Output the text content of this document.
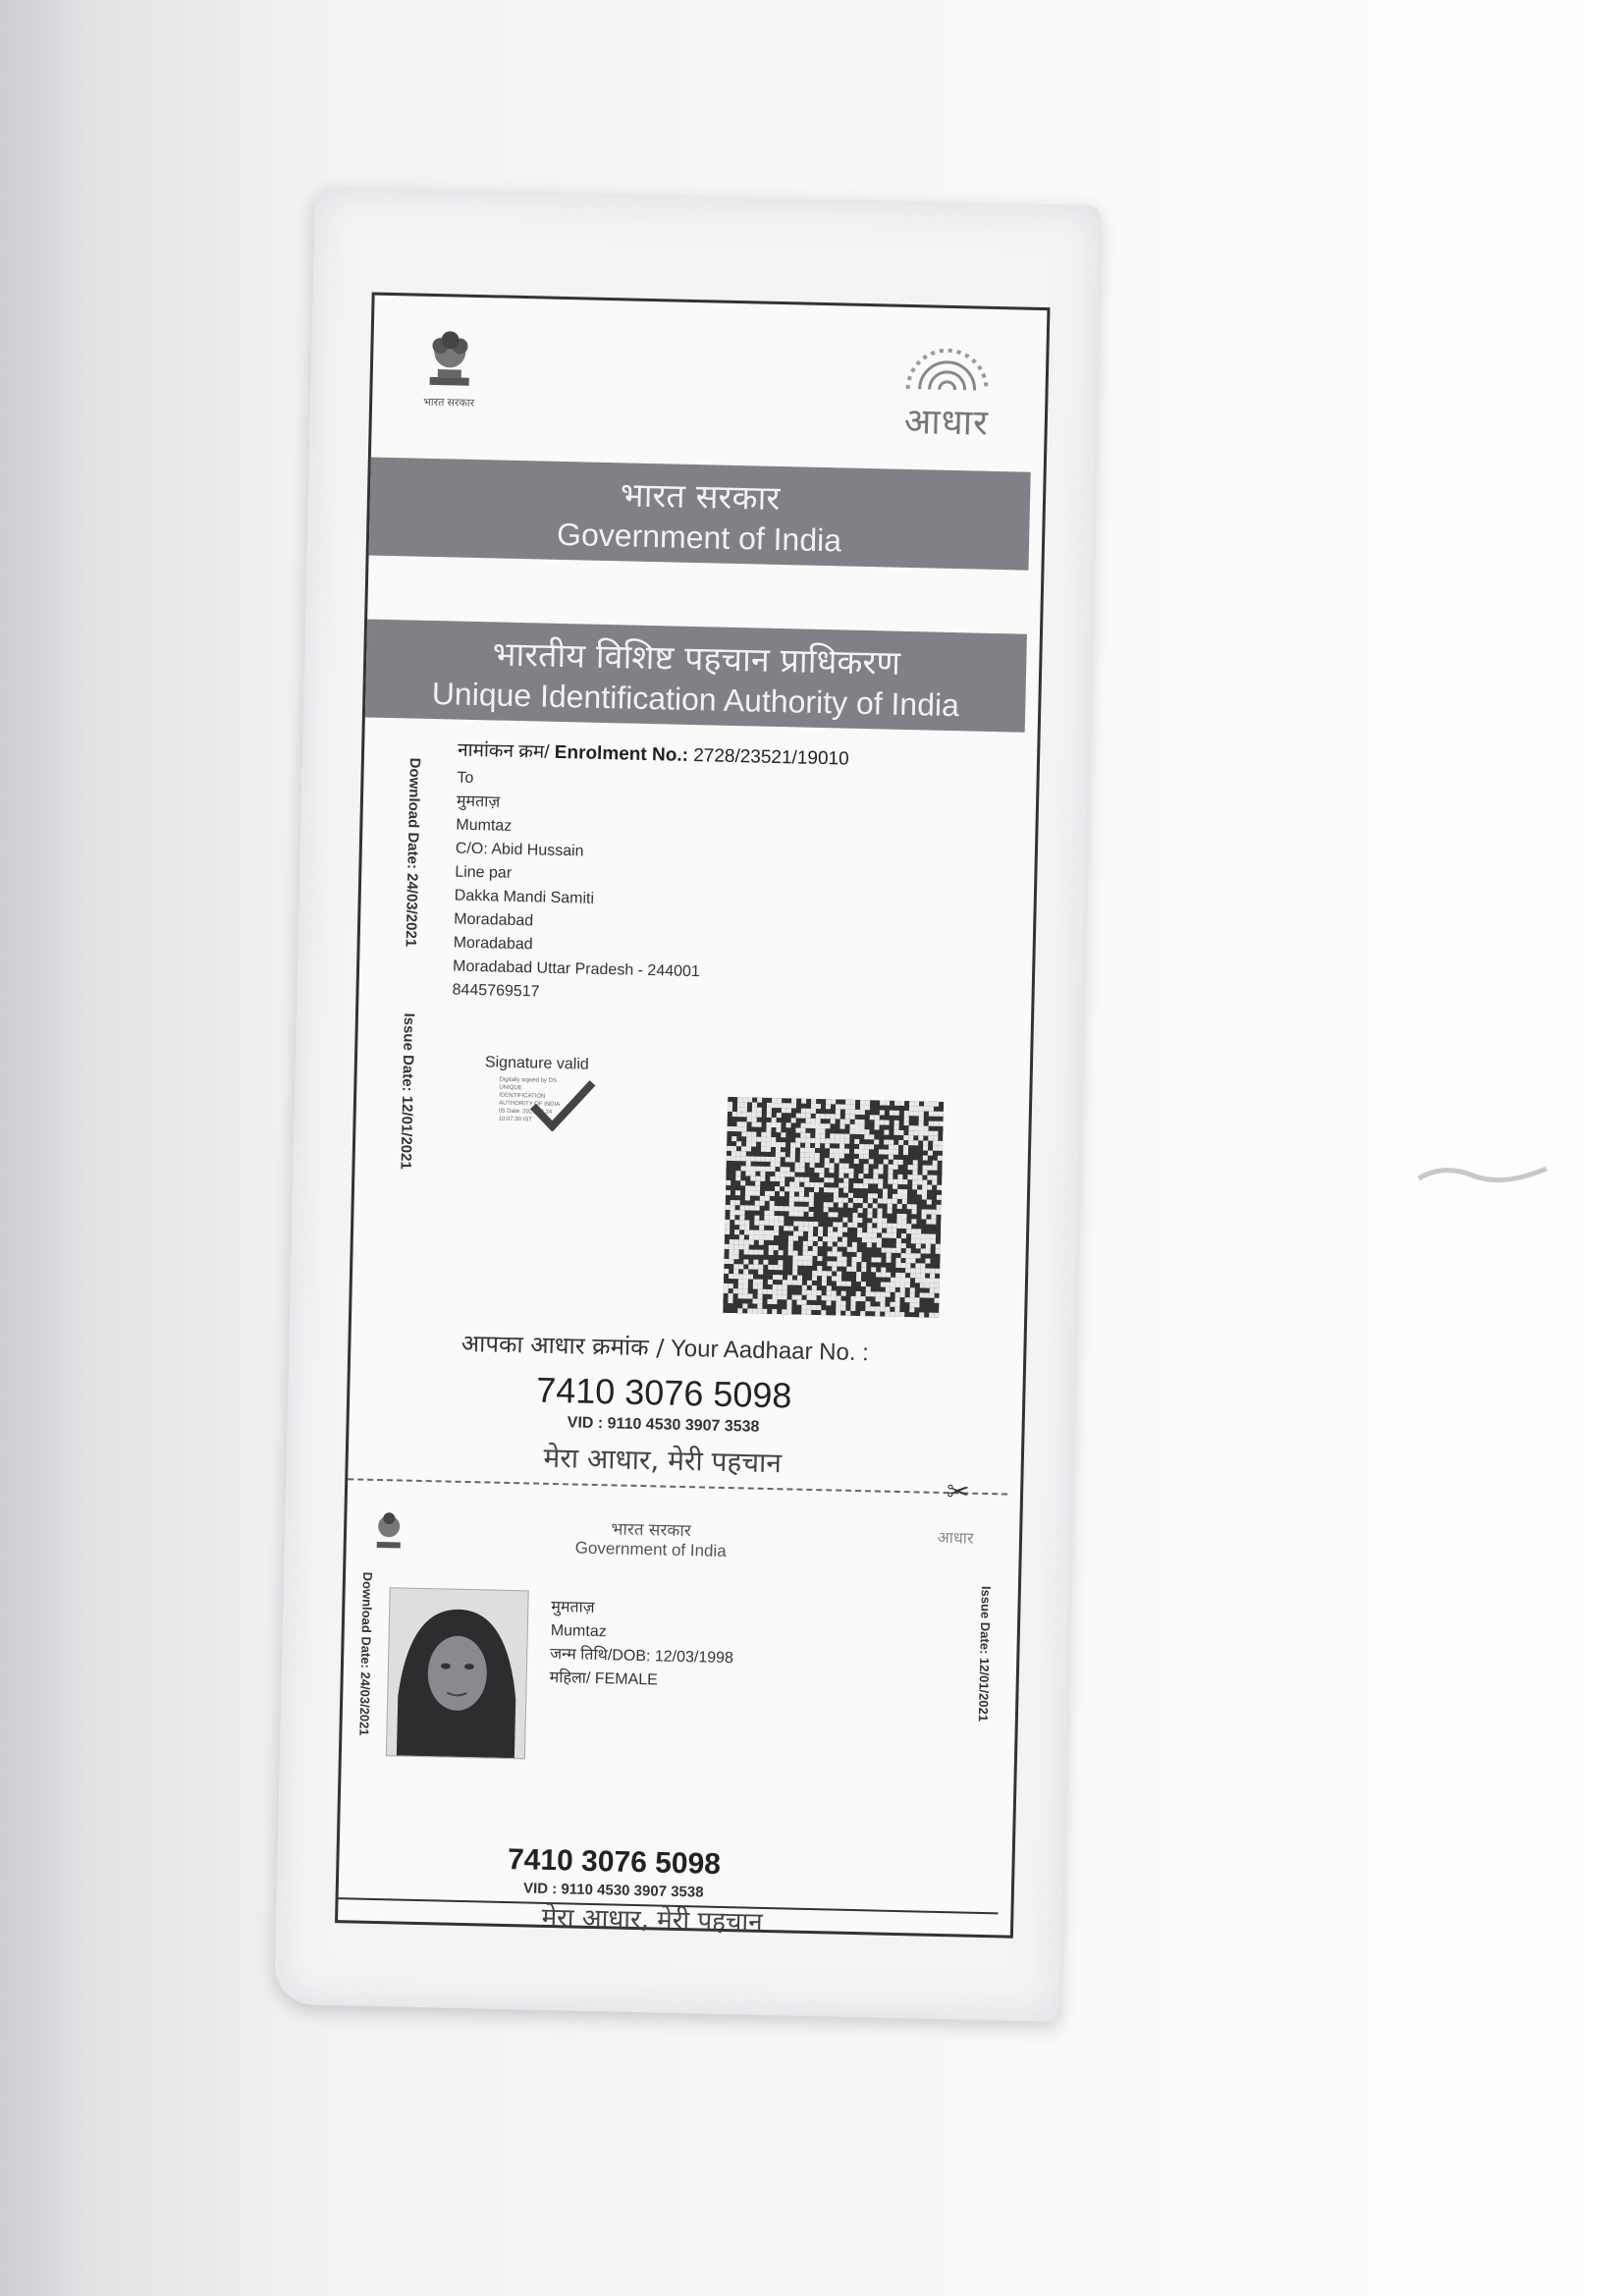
भारत सरकार	आधार
भारत सरकार
Government of India
भारतीय विशिष्ट पहचान प्राधिकरण
Unique Identification Authority of India
नामांकन क्रम/ Enrolment No.: 2728/23521/19010
Download Date: 24/03/2021
Issue Date: 12/01/2021
To
मुमताज़
Mumtaz
C/O: Abid Hussain
Line par
Dakka Mandi Samiti
Moradabad
Moradabad
Moradabad Uttar Pradesh - 244001
8445769517
Signature valid
Digitally signed by DS UNIQUE IDENTIFICATION AUTHORITY OF INDIA 05 Date: 2021.03.24 10:07:30 IST
आपका आधार क्रमांक / Your Aadhaar No. :
7410 3076 5098
VID : 9110 4530 3907 3538
मेरा आधार, मेरी पहचान
✂
भारत सरकार
Government of India
आधार
Download Date: 24/03/2021	Issue Date: 12/01/2021
मुमताज़
Mumtaz
जन्म तिथि/DOB: 12/03/1998
महिला/ FEMALE
7410 3076 5098
VID : 9110 4530 3907 3538
मेरा आधार, मेरी पहचान
